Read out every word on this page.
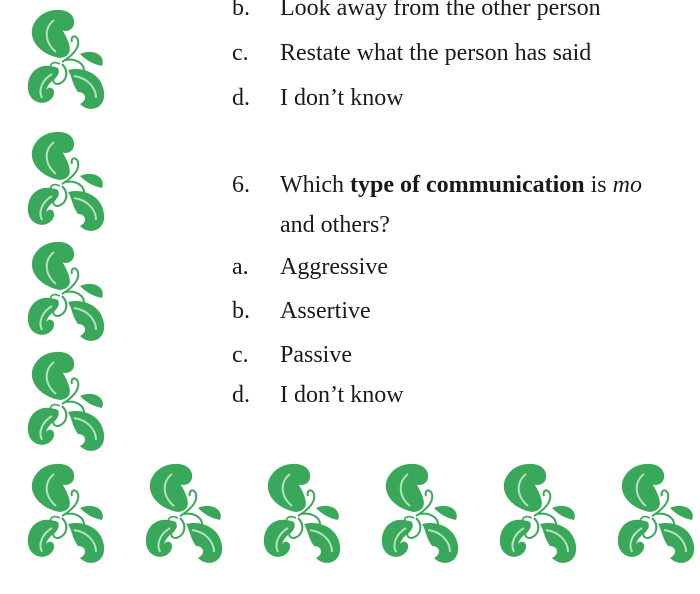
b. Look away from the other person
c. Restate what the person has said
d. I don’t know
6. Which type of communication is mo
and others?
a. Aggressive
b. Assertive
c. Passive
d. I don’t know
